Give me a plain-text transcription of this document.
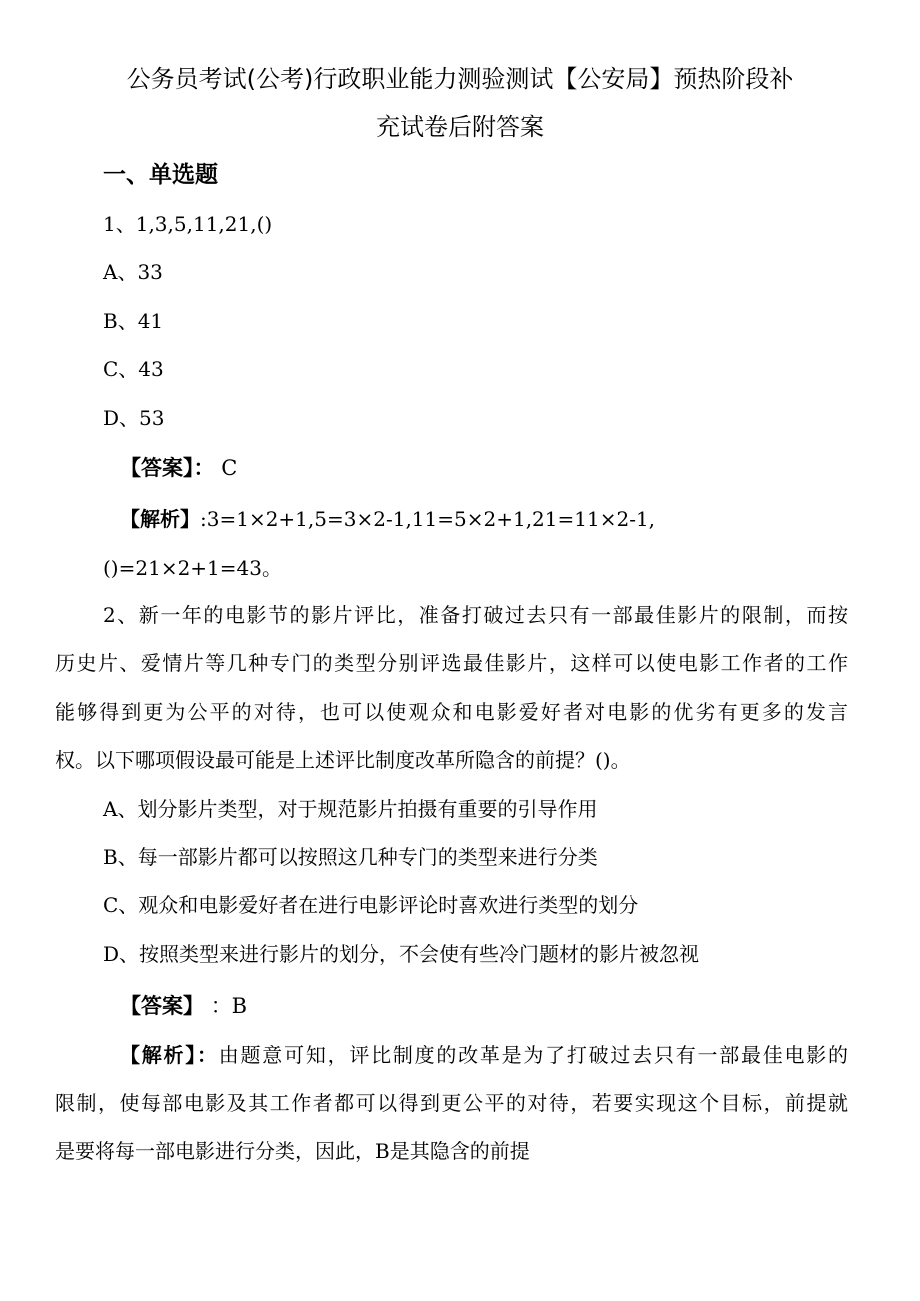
公务员考试(公考)行政职业能力测验测试【公安局】预热阶段补
充试卷后附答案
一、单选题
1、1,3,5,11,21,()
A、33
B、41
C、43
D、53
【答案】： C
【解析】:3=1×2+1,5=3×2-1,11=5×2+1,21=11×2-1,
()=21×2+1=43。
2、新一年的电影节的影片评比，准备打破过去只有一部最佳影片的限制，而按
历史片、爱情片等几种专门的类型分别评选最佳影片，这样可以使电影工作者的工作
能够得到更为公平的对待，也可以使观众和电影爱好者对电影的优劣有更多的发言
权。以下哪项假设最可能是上述评比制度改革所隐含的前提？()。
A、划分影片类型，对于规范影片拍摄有重要的引导作用
B、每一部影片都可以按照这几种专门的类型来进行分类
C、观众和电影爱好者在进行电影评论时喜欢进行类型的划分
D、按照类型来进行影片的划分，不会使有些冷门题材的影片被忽视
【答案】 ：B
【解析】：由题意可知，评比制度的改革是为了打破过去只有一部最佳电影的
限制，使每部电影及其工作者都可以得到更公平的对待，若要实现这个目标，前提就
是要将每一部电影进行分类，因此，B是其隐含的前提
